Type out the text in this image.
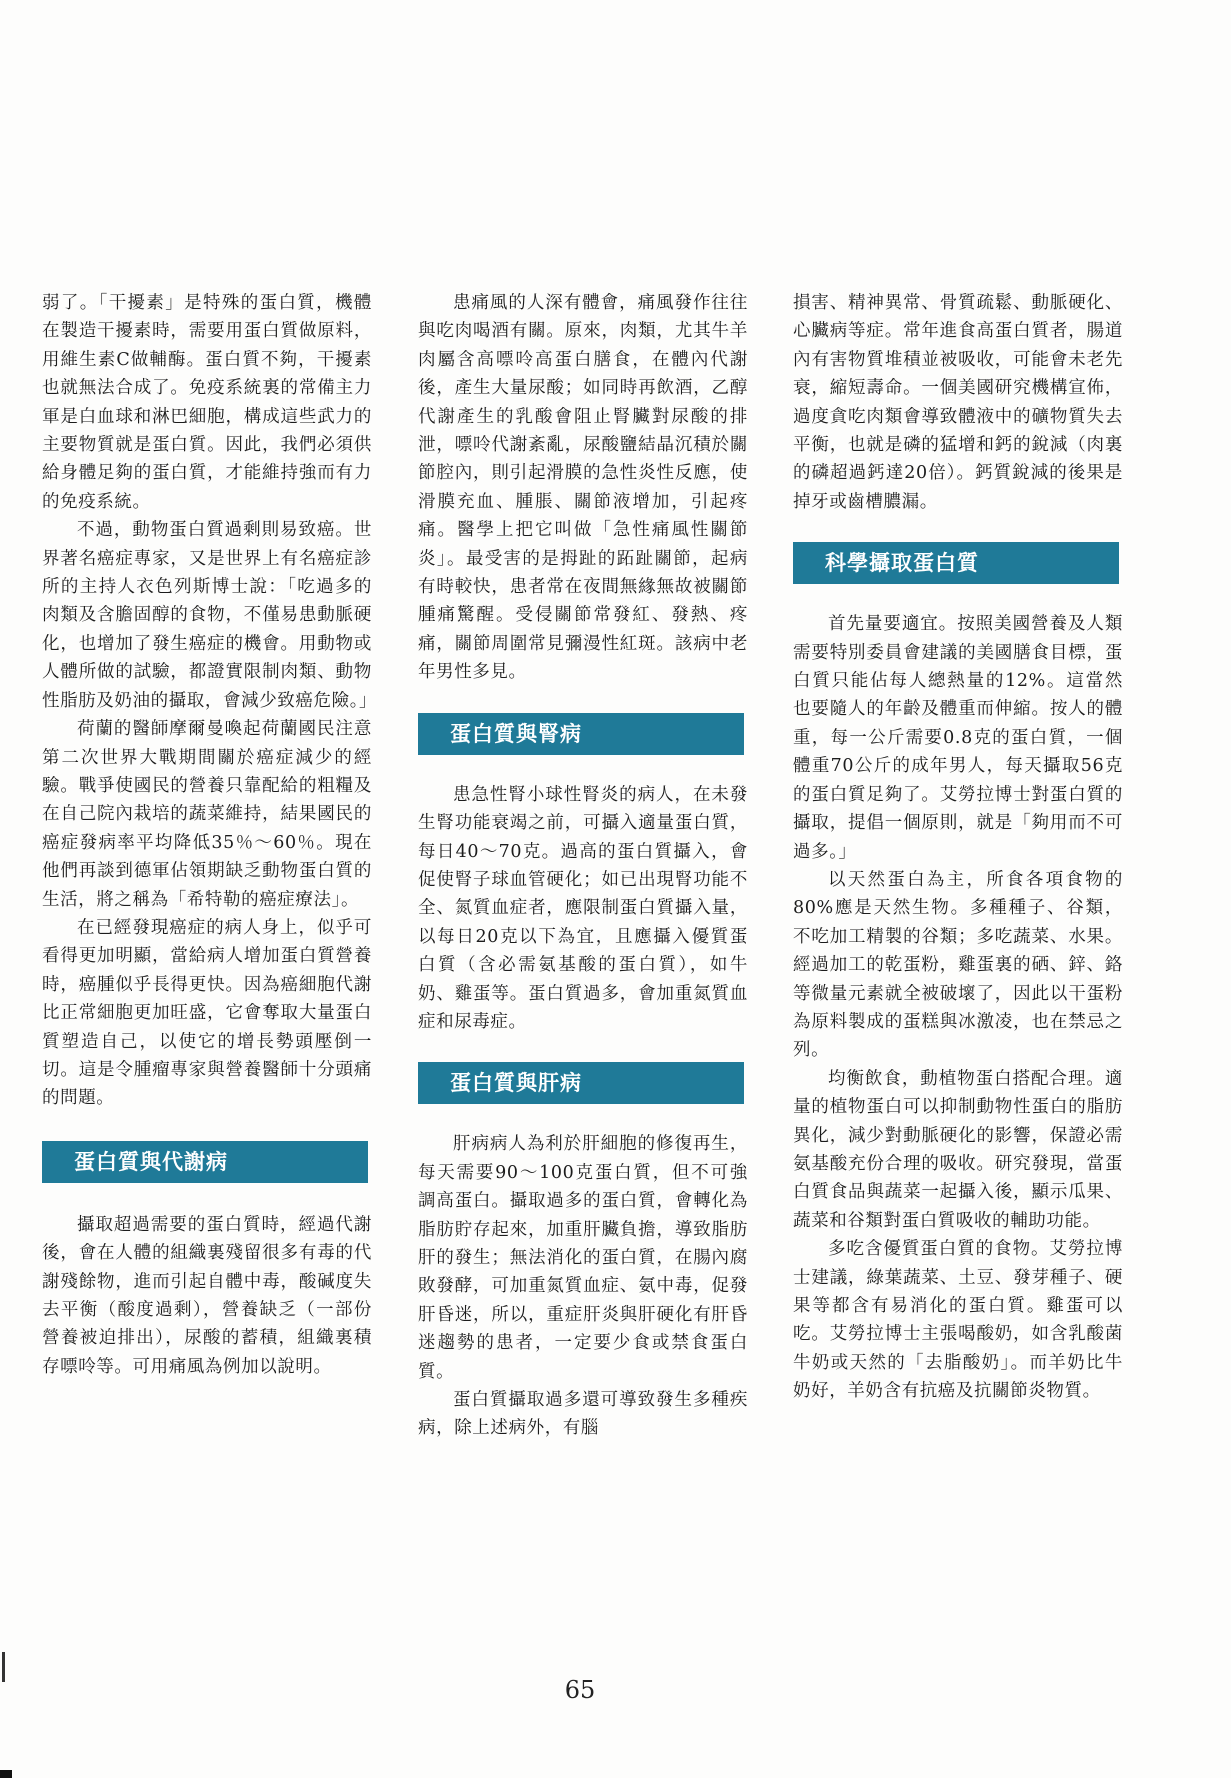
弱了。「干擾素」是特殊的蛋白質，機體在製造干擾素時，需要用蛋白質做原料，用維生素C做輔酶。蛋白質不夠，干擾素也就無法合成了。免疫系統裏的常備主力軍是白血球和淋巴細胞，構成這些武力的主要物質就是蛋白質。因此，我們必須供給身體足夠的蛋白質，才能維持強而有力的免疫系統。

不過，動物蛋白質過剩則易致癌。世界著名癌症專家，又是世界上有名癌症診所的主持人衣色列斯博士說：「吃過多的肉類及含膽固醇的食物，不僅易患動脈硬化，也增加了發生癌症的機會。用動物或人體所做的試驗，都證實限制肉類、動物性脂肪及奶油的攝取，會減少致癌危險。」

荷蘭的醫師摩爾曼喚起荷蘭國民注意第二次世界大戰期間關於癌症減少的經驗。戰爭使國民的營養只靠配給的粗糧及在自己院內栽培的蔬菜維持，結果國民的癌症發病率平均降低35％～60％。現在他們再談到德軍佔領期缺乏動物蛋白質的生活，將之稱為「希特勒的癌症療法」。

在已經發現癌症的病人身上，似乎可看得更加明顯，當給病人增加蛋白質營養時，癌腫似乎長得更快。因為癌細胞代謝比正常細胞更加旺盛，它會奪取大量蛋白質塑造自己，以使它的增長勢頭壓倒一切。這是令腫瘤專家與營養醫師十分頭痛的問題。

蛋白質與代謝病

攝取超過需要的蛋白質時，經過代謝後，會在人體的組織裏殘留很多有毒的代謝殘餘物，進而引起自體中毒，酸碱度失去平衡（酸度過剩），營養缺乏（一部份營養被迫排出），尿酸的蓄積，組織裏積存嘌呤等。可用痛風為例加以說明。

患痛風的人深有體會，痛風發作往往與吃肉喝酒有關。原來，肉類，尤其牛羊肉屬含高嘌呤高蛋白膳食，在體內代謝後，產生大量尿酸；如同時再飲酒，乙醇代謝產生的乳酸會阻止腎臟對尿酸的排泄，嘌呤代謝紊亂，尿酸鹽結晶沉積於關節腔內，則引起滑膜的急性炎性反應，使滑膜充血、腫脹、關節液增加，引起疼痛。醫學上把它叫做「急性痛風性關節炎」。最受害的是拇趾的跖趾關節，起病有時較快，患者常在夜間無緣無故被關節腫痛驚醒。受侵關節常發紅、發熱、疼痛，關節周圍常見彌漫性紅斑。該病中老年男性多見。

蛋白質與腎病

患急性腎小球性腎炎的病人，在未發生腎功能衰竭之前，可攝入適量蛋白質，每日40～70克。過高的蛋白質攝入，會促使腎子球血管硬化；如已出現腎功能不全、氮質血症者，應限制蛋白質攝入量，以每日20克以下為宜，且應攝入優質蛋白質（含必需氨基酸的蛋白質），如牛奶、雞蛋等。蛋白質過多，會加重氮質血症和尿毒症。

蛋白質與肝病

肝病病人為利於肝細胞的修復再生，每天需要90～100克蛋白質，但不可強調高蛋白。攝取過多的蛋白質，會轉化為脂肪貯存起來，加重肝臟負擔，導致脂肪肝的發生；無法消化的蛋白質，在腸內腐敗發酵，可加重氮質血症、氨中毒，促發肝昏迷，所以，重症肝炎與肝硬化有肝昏迷趨勢的患者，一定要少食或禁食蛋白質。

蛋白質攝取過多還可導致發生多種疾病，除上述病外，有腦

損害、精神異常、骨質疏鬆、動脈硬化、心臟病等症。常年進食高蛋白質者，腸道內有害物質堆積並被吸收，可能會未老先衰，縮短壽命。一個美國研究機構宣佈，過度貪吃肉類會導致體液中的礦物質失去平衡，也就是磷的猛增和鈣的銳減（肉裏的磷超過鈣達20倍）。鈣質銳減的後果是掉牙或齒槽膿漏。

科學攝取蛋白質

首先量要適宜。按照美國營養及人類需要特別委員會建議的美國膳食目標，蛋白質只能佔每人總熱量的12%。這當然也要隨人的年齡及體重而伸縮。按人的體重，每一公斤需要0.8克的蛋白質，一個體重70公斤的成年男人，每天攝取56克的蛋白質足夠了。艾勞拉博士對蛋白質的攝取，提倡一個原則，就是「夠用而不可過多。」

以天然蛋白為主，所食各項食物的80%應是天然生物。多種種子、谷類，不吃加工精製的谷類；多吃蔬菜、水果。經過加工的乾蛋粉，雞蛋裏的硒、鋅、鉻等微量元素就全被破壞了，因此以干蛋粉為原料製成的蛋糕與冰激凌，也在禁忌之列。

均衡飲食，動植物蛋白搭配合理。適量的植物蛋白可以抑制動物性蛋白的脂肪異化，減少對動脈硬化的影響，保證必需氨基酸充份合理的吸收。研究發現，當蛋白質食品與蔬菜一起攝入後，顯示瓜果、蔬菜和谷類對蛋白質吸收的輔助功能。

多吃含優質蛋白質的食物。艾勞拉博士建議，綠葉蔬菜、土豆、發芽種子、硬果等都含有易消化的蛋白質。雞蛋可以吃。艾勞拉博士主張喝酸奶，如含乳酸菌牛奶或天然的「去脂酸奶」。而羊奶比牛奶好，羊奶含有抗癌及抗關節炎物質。

65
